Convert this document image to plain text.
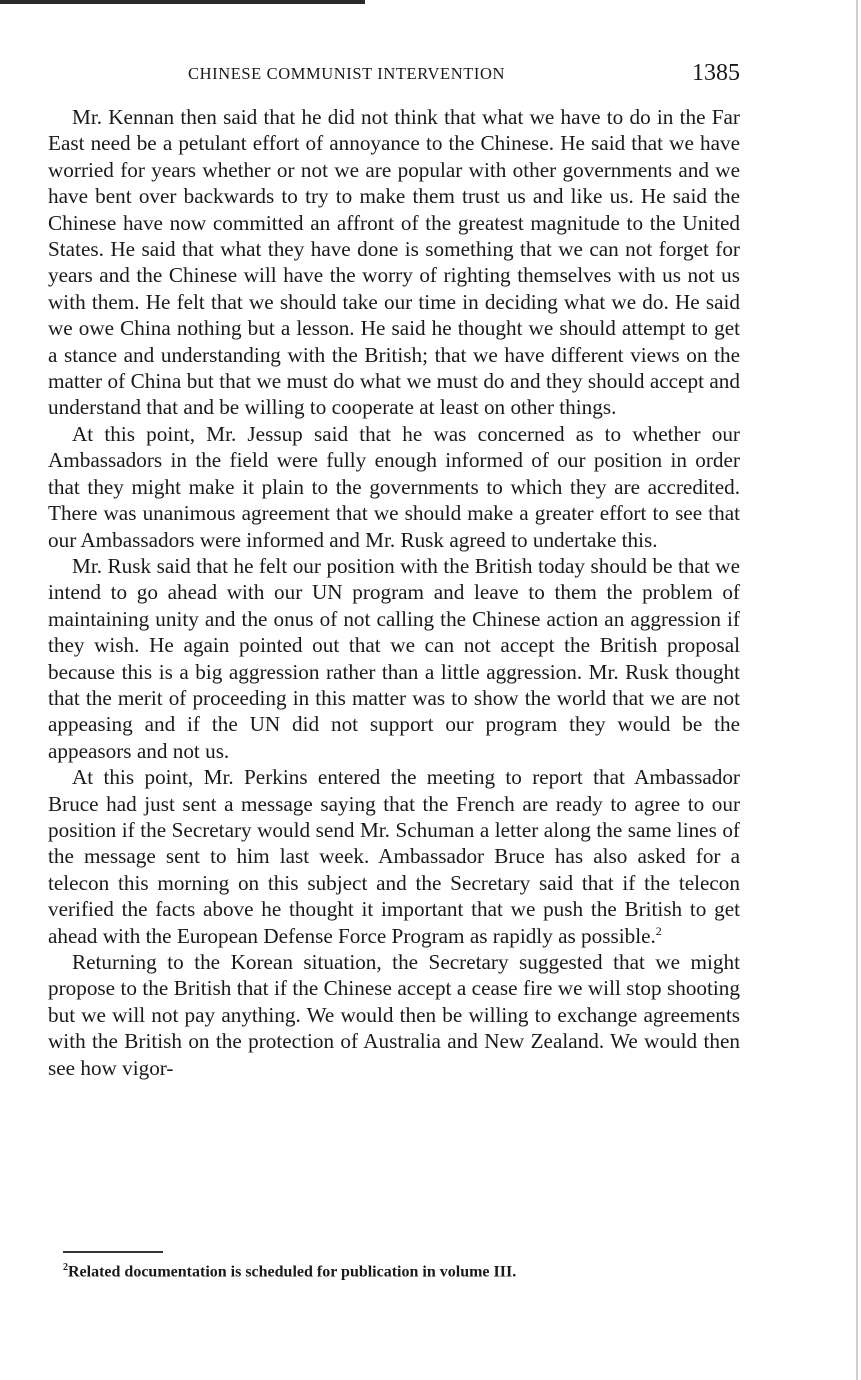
CHINESE COMMUNIST INTERVENTION	1385

Mr. Kennan then said that he did not think that what we have to do in the Far East need be a petulant effort of annoyance to the Chinese. He said that we have worried for years whether or not we are popular with other governments and we have bent over backwards to try to make them trust us and like us. He said the Chinese have now committed an affront of the greatest magnitude to the United States. He said that what they have done is something that we can not forget for years and the Chinese will have the worry of righting themselves with us not us with them. He felt that we should take our time in deciding what we do. He said we owe China nothing but a lesson. He said he thought we should attempt to get a stance and understanding with the British; that we have different views on the matter of China but that we must do what we must do and they should accept and understand that and be willing to cooperate at least on other things.

At this point, Mr. Jessup said that he was concerned as to whether our Ambassadors in the field were fully enough informed of our position in order that they might make it plain to the governments to which they are accredited. There was unanimous agreement that we should make a greater effort to see that our Ambassadors were informed and Mr. Rusk agreed to undertake this.

Mr. Rusk said that he felt our position with the British today should be that we intend to go ahead with our UN program and leave to them the problem of maintaining unity and the onus of not calling the Chinese action an aggression if they wish. He again pointed out that we can not accept the British proposal because this is a big aggression rather than a little aggression. Mr. Rusk thought that the merit of proceeding in this matter was to show the world that we are not appeasing and if the UN did not support our program they would be the appeasors and not us.

At this point, Mr. Perkins entered the meeting to report that Ambassador Bruce had just sent a message saying that the French are ready to agree to our position if the Secretary would send Mr. Schuman a letter along the same lines of the message sent to him last week. Ambassador Bruce has also asked for a telecon this morning on this subject and the Secretary said that if the telecon verified the facts above he thought it important that we push the British to get ahead with the European Defense Force Program as rapidly as possible.$^2$

Returning to the Korean situation, the Secretary suggested that we might propose to the British that if the Chinese accept a cease fire we will stop shooting but we will not pay anything. We would then be willing to exchange agreements with the British on the protection of Australia and New Zealand. We would then see how vigor-

$^2$Related documentation is scheduled for publication in volume III.
